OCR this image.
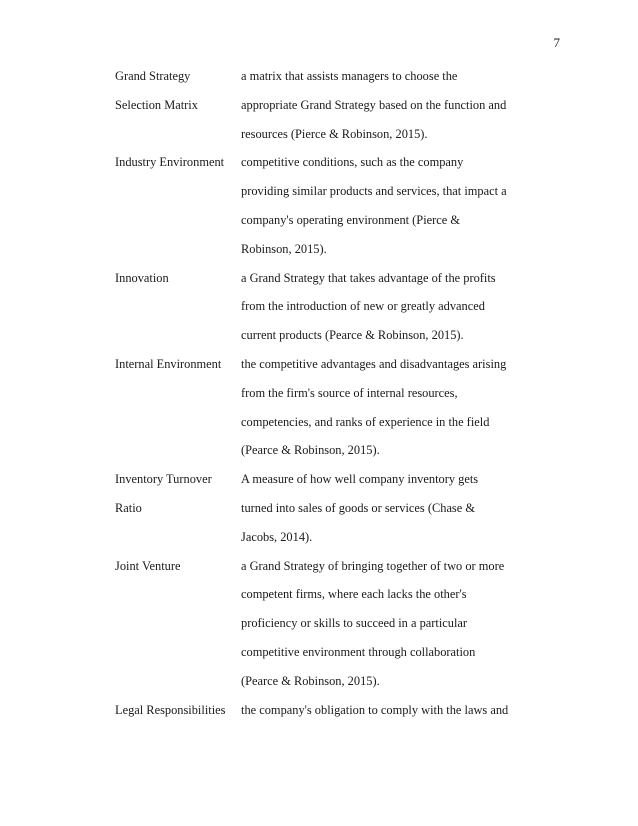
7
Grand Strategy	a matrix that assists managers to choose the
Selection Matrix	appropriate Grand Strategy based on the function and
resources (Pierce & Robinson, 2015).
Industry Environment	competitive conditions, such as the company
providing similar products and services, that impact a
company's operating environment (Pierce &
Robinson, 2015).
Innovation	a Grand Strategy that takes advantage of the profits
from the introduction of new or greatly advanced
current products (Pearce & Robinson, 2015).
Internal Environment	the competitive advantages and disadvantages arising
from the firm's source of internal resources,
competencies, and ranks of experience in the field
(Pearce & Robinson, 2015).
Inventory Turnover	A measure of how well company inventory gets
Ratio	turned into sales of goods or services (Chase &
Jacobs, 2014).
Joint Venture	a Grand Strategy of bringing together of two or more
competent firms, where each lacks the other's
proficiency or skills to succeed in a particular
competitive environment through collaboration
(Pearce & Robinson, 2015).
Legal Responsibilities	the company's obligation to comply with the laws and
